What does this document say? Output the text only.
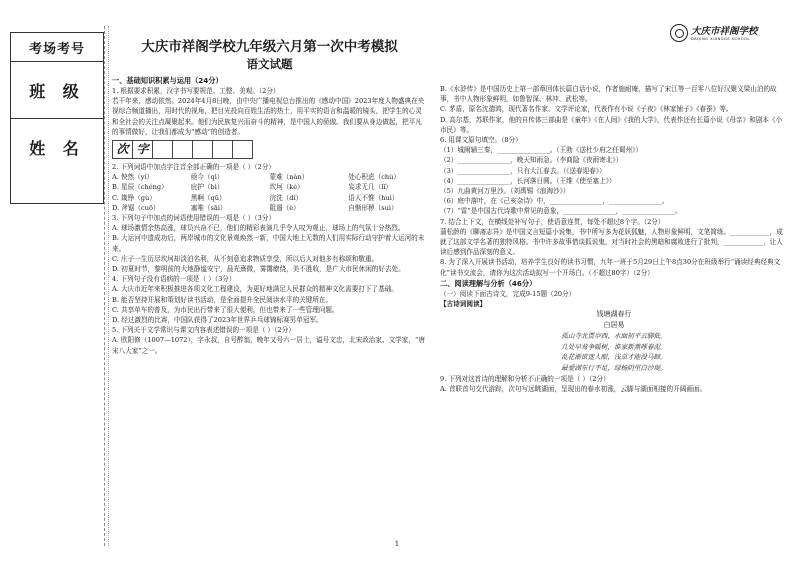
考场考号
班 级
姓 名
大庆市祥阁学校
DAQING XIANGGE SCHOOL
大庆市祥阁学校九年级六月第一次中考模拟
语文试题
一、基础知识积累与运用（24分）

1. 根据要求积累，汉字书写要规范、工整、美观。（2分）

若干年来，感动依然。2024年4月8日晚，由中央广播电视总台推出的《感动中国》2023年度人物盛典在央视综合频道播出，用时代的视角，把目光投向百姓生活的热土，用平实的语言和温暖的镜头，把学生的心灵和全社会的关注点凝聚起来。他们为民族复兴而奋斗的精神，是中国人的骄傲。我们要从身边做起，把平凡的事情做好，让我们都成为“感动”的创造者。

次 字

2. 下列词语中加点字注音全部正确的一项是（ ）（2分）

A. 怏然（yí）	亟今（qì）	蒙难（nàn）	处心积虑（chù）
B. 星辰（chénɡ）	庇护（bì）	坎坷（kè）	妄求无几（lǐ）
C. 箴铮（ɡù）	黑啊（qū）	浣洗（dí）	语人不惟（huì）
D. 斧锯（cuō）	塞唯（sāi）	阻遏（è）	自惭形秽（suì）

3. 下列句子中加点的词语使用错误的一项是（ ）（3分）

A. 球场激情余热高涨，球员兴奋不已，他们的精彩表演几乎令人叹为观止，球场上的气氛十分热烈。

B. 大运河申遗成功后，两岸城市的文化景观焕然一新，中国大地上无数的人们用实际行动守护着大运河的未来。

C. 庄子一生历尽坎坷却淡泊名利，从不刻意追求物质享受，所以后人对他多有称颂和敬重。

D. 初夏时节，黎明前的大地静谧安宁，晨光熹微，雾霭缭绕，美不胜收，是广大市民休闲的好去处。

4. 下列句子没有语病的一项是（ ）（3分）

A. 大庆市近年来积极推进各项文化工程建设，为更好地满足人民群众的精神文化需要打下了基础。

B. 能否坚持开展和策划好读书活动，是全面提升全民阅读水平的关键所在。

C. 共享单车的普及，为市民出行带来了很大便利，但也带来了一些管理问题。

D. 经过激烈的比赛，中国队获得了2023年世界乒乓球锦标赛男单冠军。

5. 下列关于文学常识与课文内容表述错误的一项是（ ）（2分）

A. 欧阳修（1007—1072），字永叔，自号醉翁，晚年又号六一居士，谥号文忠，北宋政治家、文学家，“唐宋八大家”之一。

B.《水浒传》是中国历史上第一部章回体长篇白话小说，作者施耐庵，描写了宋江等一百零八位好汉聚义梁山泊的故事，书中人物形象鲜明，如鲁智深、林冲、武松等。

C. 茅盾，原名沈德鸿，现代著名作家、文学评论家，代表作有小说《子夜》《林家铺子》《春蚕》等。

D. 高尔基，苏联作家，他的自传体三部曲是《童年》《在人间》《我的大学》，代表作还有长篇小说《母亲》和剧本《小市民》等。

6. 用课文原句填空。（8分）

（1）城阙辅三秦，________________。（王勃《送杜少府之任蜀州》）

（2）________________，晚天知雨急。（李商隐《夜雨寄北》）

（3）________________，只有大江春去。（《送春迎春》）

（4）________________，长河落日圆。（王维《使至塞上》）

（5）九曲黄河万里沙。（刘禹锡《浪淘沙》）

（6）庭中落叶，在《己亥杂诗》中，________________，________________。

（7）“雷”是中国古代诗歌中常见的意象，________________，________________。

7. 结合上下文，在横线处补写句子，使语意连贯，每处不超过8个字。（2分）

蒲松龄的《聊斋志异》是中国文言短篇小说集，书中所写多为花妖狐魅，人物形象鲜明，文笔简练。____________，成就了这部文学名著的独特风格。书中许多故事借谈狐说鬼，对当时社会的黑暗和腐败进行了批判，____________，让人读后感到作品深刻的意义。

8. 为了深入开展读书活动，培养学生良好的读书习惯，九年一班于5月29日上午8点30分在班级举行“诵读经典经典文化”读书交流会，请你为这次活动拟写一个开场白。（不超过80字）（2分）

二、阅读理解与分析（46分）

（一）阅读下面古诗文，完成9-15题（20分）

【古诗词阅读】

钱塘湖春行
白居易
孤山寺北贾亭西，水面初平云脚低。
几处早莺争暖树，谁家新燕啄春泥。
乱花渐欲迷人眼，浅草才能没马蹄。
最爱湖东行不足，绿杨阴里白沙堤。

9. 下列对这首诗的理解和分析不正确的一项是（ ）（2分）

A. 首联首句交代游踪，次句写远眺湖面，呈现出的春水初涨，云脚与湖面相接的开阔画面。

1
